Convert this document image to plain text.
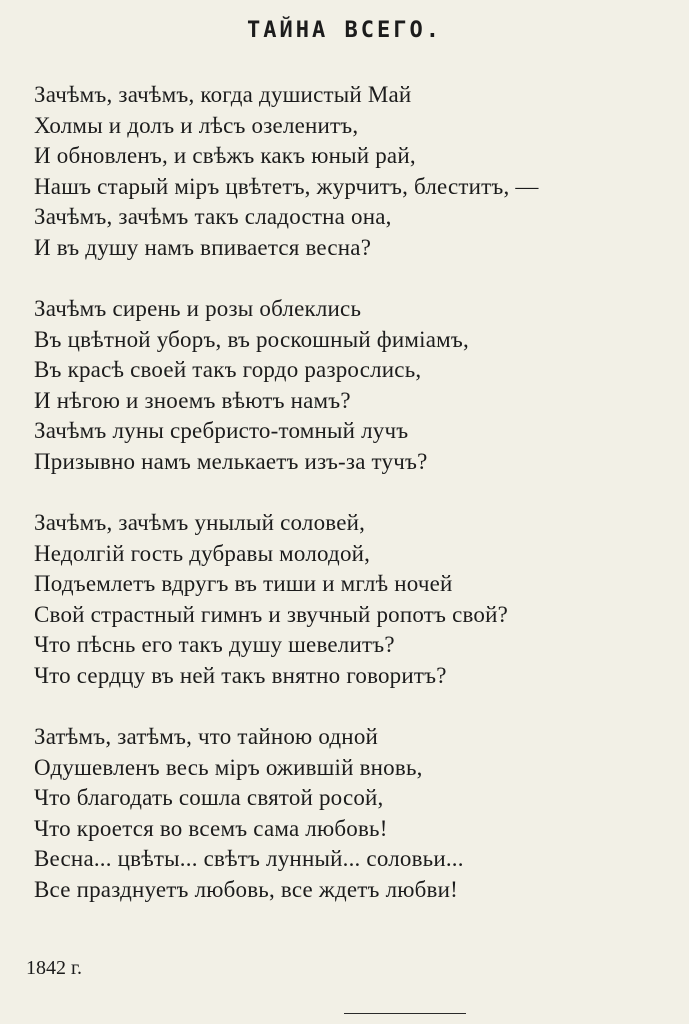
ТАЙНА ВСЕГО.
Зачѣмъ, зачѣмъ, когда душистый Май
Холмы и долъ и лѣсъ озеленитъ,
И обновленъ, и свѣжъ какъ юный рай,
Нашъ старый міръ цвѣтетъ, журчитъ, блеститъ, —
Зачѣмъ, зачѣмъ такъ сладостна она,
И въ душу намъ впивается весна?
Зачѣмъ сирень и розы облеклись
Въ цвѣтной уборъ, въ роскошный фиміамъ,
Въ красѣ своей такъ гордо разрослись,
И нѣгою и зноемъ вѣютъ намъ?
Зачѣмъ луны сребристо-томный лучъ
Призывно намъ мелькаетъ изъ-за тучъ?
Зачѣмъ, зачѣмъ унылый соловей,
Недолгій гость дубравы молодой,
Подъемлетъ вдругъ въ тиши и мглѣ ночей
Свой страстный гимнъ и звучный ропотъ свой?
Что пѣснь его такъ душу шевелитъ?
Что сердцу въ ней такъ внятно говоритъ?
Затѣмъ, затѣмъ, что тайною одной
Одушевленъ весь міръ ожившій вновь,
Что благодать сошла святой росой,
Что кроется во всемъ сама любовь!
Весна... цвѣты... свѣтъ лунный... соловьи...
Все празднуетъ любовь, все ждетъ любви!
1842 г.
